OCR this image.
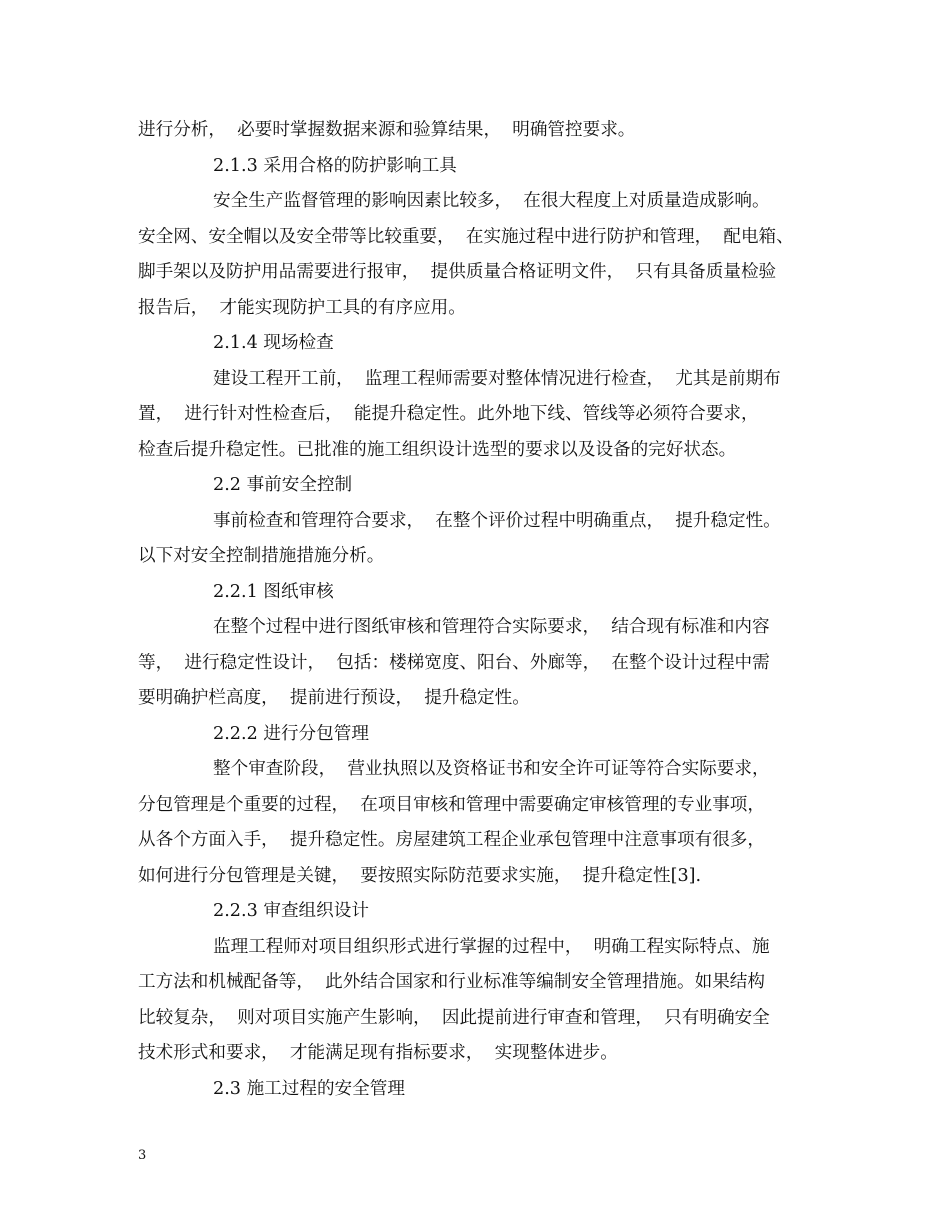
进行分析，  必要时掌握数据来源和验算结果，  明确管控要求。
2.1.3 采用合格的防护影响工具
安全生产监督管理的影响因素比较多，  在很大程度上对质量造成影响。
安全网、安全帽以及安全带等比较重要，  在实施过程中进行防护和管理，  配电箱、
脚手架以及防护用品需要进行报审，  提供质量合格证明文件，  只有具备质量检验
报告后，  才能实现防护工具的有序应用。
2.1.4 现场检查
建设工程开工前，  监理工程师需要对整体情况进行检查，  尤其是前期布
置，  进行针对性检查后，  能提升稳定性。此外地下线、管线等必须符合要求，
检查后提升稳定性。已批准的施工组织设计选型的要求以及设备的完好状态。
2.2 事前安全控制
事前检查和管理符合要求，  在整个评价过程中明确重点，  提升稳定性。
以下对安全控制措施措施分析。
2.2.1 图纸审核
在整个过程中进行图纸审核和管理符合实际要求，  结合现有标准和内容
等，  进行稳定性设计，  包括：楼梯宽度、阳台、外廊等，  在整个设计过程中需
要明确护栏高度，  提前进行预设，  提升稳定性。
2.2.2 进行分包管理
整个审查阶段，  营业执照以及资格证书和安全许可证等符合实际要求，
分包管理是个重要的过程，  在项目审核和管理中需要确定审核管理的专业事项，
从各个方面入手，  提升稳定性。房屋建筑工程企业承包管理中注意事项有很多，
如何进行分包管理是关键，  要按照实际防范要求实施，  提升稳定性[3].
2.2.3 审查组织设计
监理工程师对项目组织形式进行掌握的过程中，  明确工程实际特点、施
工方法和机械配备等，  此外结合国家和行业标准等编制安全管理措施。如果结构
比较复杂，  则对项目实施产生影响，  因此提前进行审查和管理，  只有明确安全
技术形式和要求，  才能满足现有指标要求，  实现整体进步。
2.3 施工过程的安全管理
3
